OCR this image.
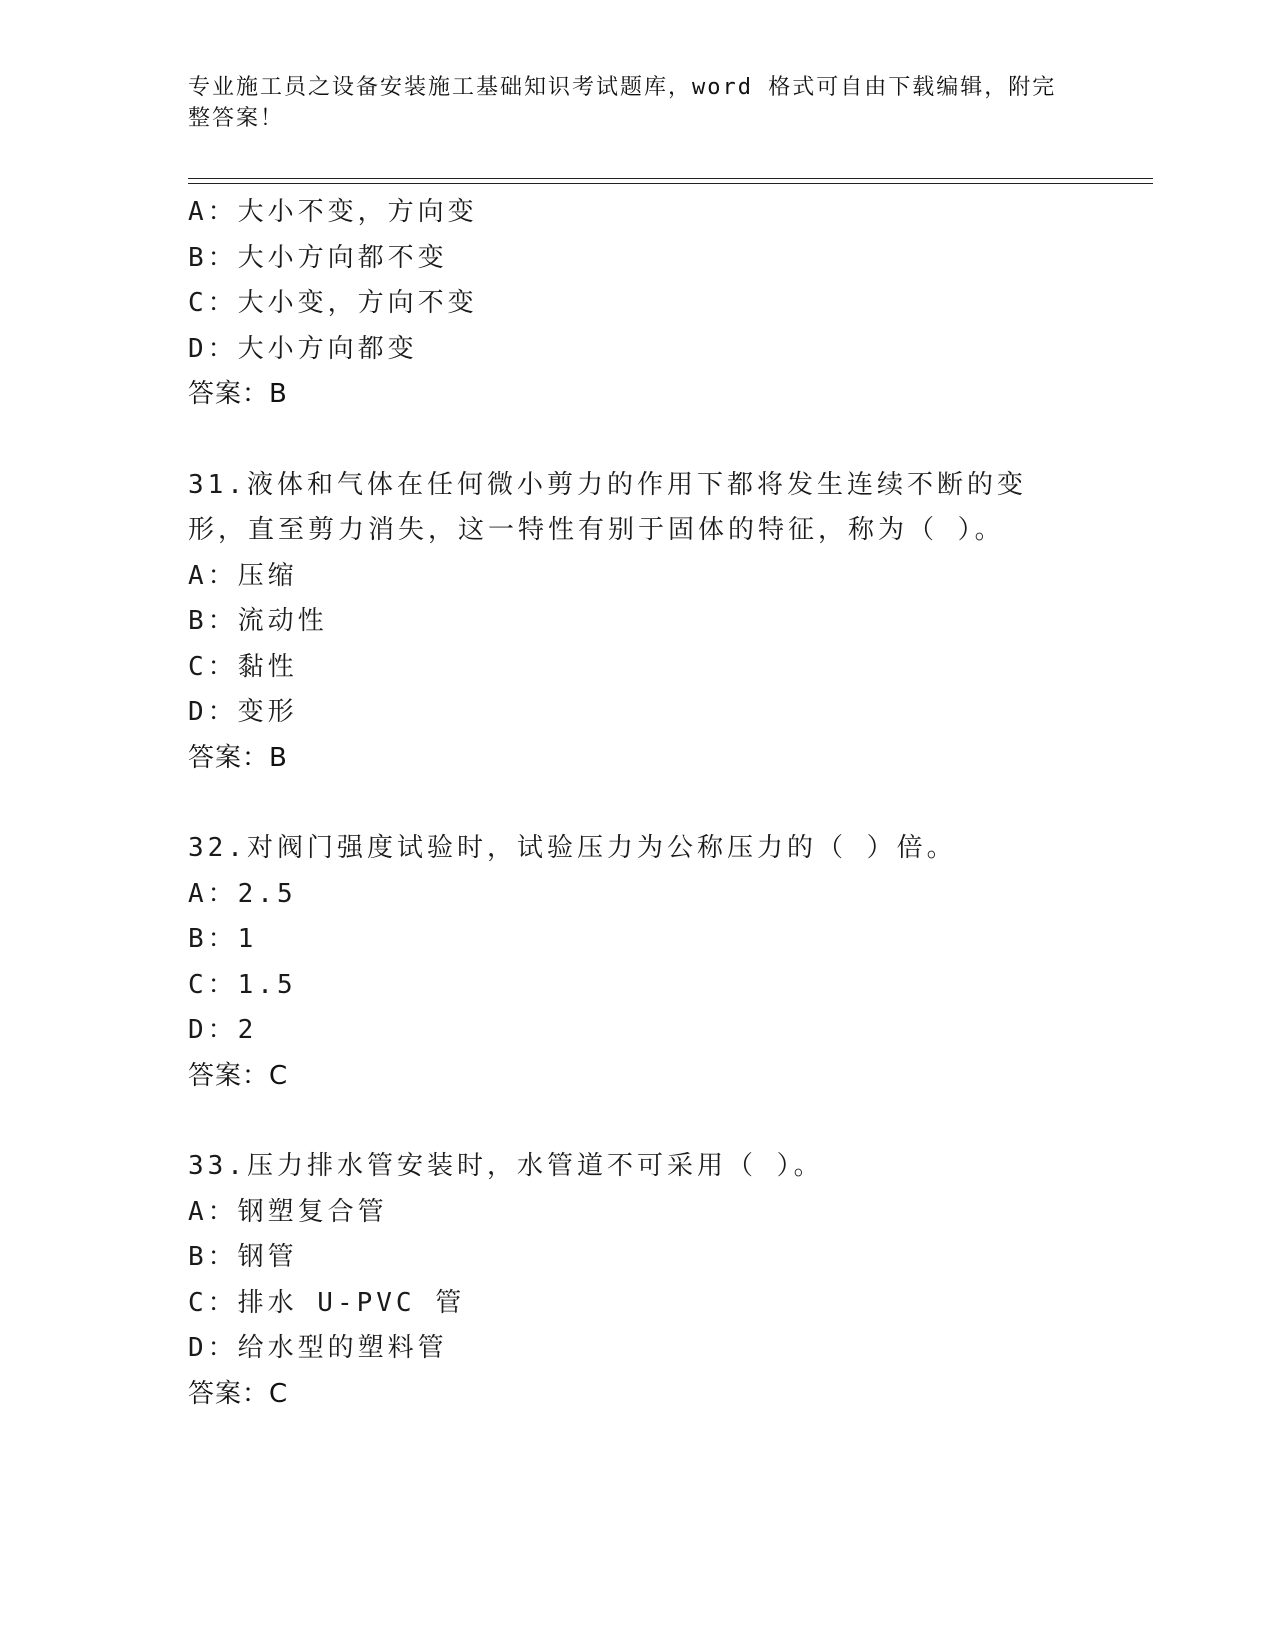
专业施工员之设备安装施工基础知识考试题库，word 格式可自由下载编辑，附完整答案！
A：大小不变，方向变
B：大小方向都不变
C：大小变，方向不变
D：大小方向都变
答案：B
31.液体和气体在任何微小剪力的作用下都将发生连续不断的变形，直至剪力消失，这一特性有别于固体的特征，称为（ ）。
A：压缩
B：流动性
C：黏性
D：变形
答案：B
32.对阀门强度试验时，试验压力为公称压力的（ ）倍。
A：2.5
B：1
C：1.5
D：2
答案：C
33.压力排水管安装时，水管道不可采用（ ）。
A：钢塑复合管
B：钢管
C：排水 U-PVC 管
D：给水型的塑料管
答案：C
